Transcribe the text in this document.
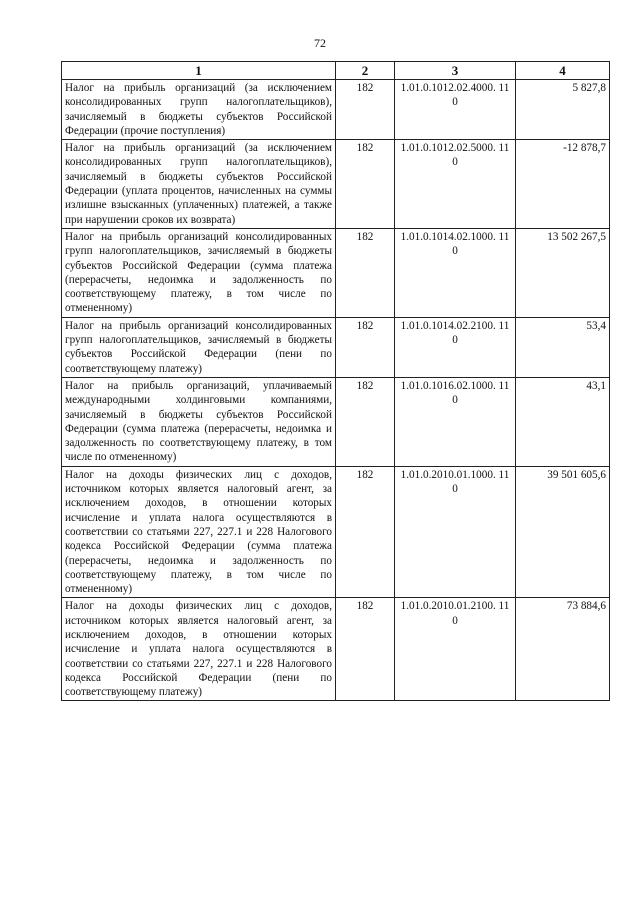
72
1	2	3	4
Налог на прибыль организаций (за исключением консолидированных групп налогоплательщиков), зачисляемый в бюджеты субъектов Российской Федерации (прочие поступления)	182	1.01.0.1012.02.4000. 110	5 827,8
Налог на прибыль организаций (за исключением консолидированных групп налогоплательщиков), зачисляемый в бюджеты субъектов Российской Федерации (уплата процентов, начисленных на суммы излишне взысканных (уплаченных) платежей, а также при нарушении сроков их возврата)	182	1.01.0.1012.02.5000. 110	-12 878,7
Налог на прибыль организаций консолидированных групп налогоплательщиков, зачисляемый в бюджеты субъектов Российской Федерации (сумма платежа (перерасчеты, недоимка и задолженность по соответствующему платежу, в том числе по отмененному)	182	1.01.0.1014.02.1000. 110	13 502 267,5
Налог на прибыль организаций консолидированных групп налогоплательщиков, зачисляемый в бюджеты субъектов Российской Федерации (пени по соответствующему платежу)	182	1.01.0.1014.02.2100. 110	53,4
Налог на прибыль организаций, уплачиваемый международными холдинговыми компаниями, зачисляемый в бюджеты субъектов Российской Федерации (сумма платежа (перерасчеты, недоимка и задолженность по соответствующему платежу, в том числе по отмененному)	182	1.01.0.1016.02.1000. 110	43,1
Налог на доходы физических лиц с доходов, источником которых является налоговый агент, за исключением доходов, в отношении которых исчисление и уплата налога осуществляются в соответствии со статьями 227, 227.1 и 228 Налогового кодекса Российской Федерации (сумма платежа (перерасчеты, недоимка и задолженность по соответствующему платежу, в том числе по отмененному)	182	1.01.0.2010.01.1000. 110	39 501 605,6
Налог на доходы физических лиц с доходов, источником которых является налоговый агент, за исключением доходов, в отношении которых исчисление и уплата налога осуществляются в соответствии со статьями 227, 227.1 и 228 Налогового кодекса Российской Федерации (пени по соответствующему платежу)	182	1.01.0.2010.01.2100. 110	73 884,6
